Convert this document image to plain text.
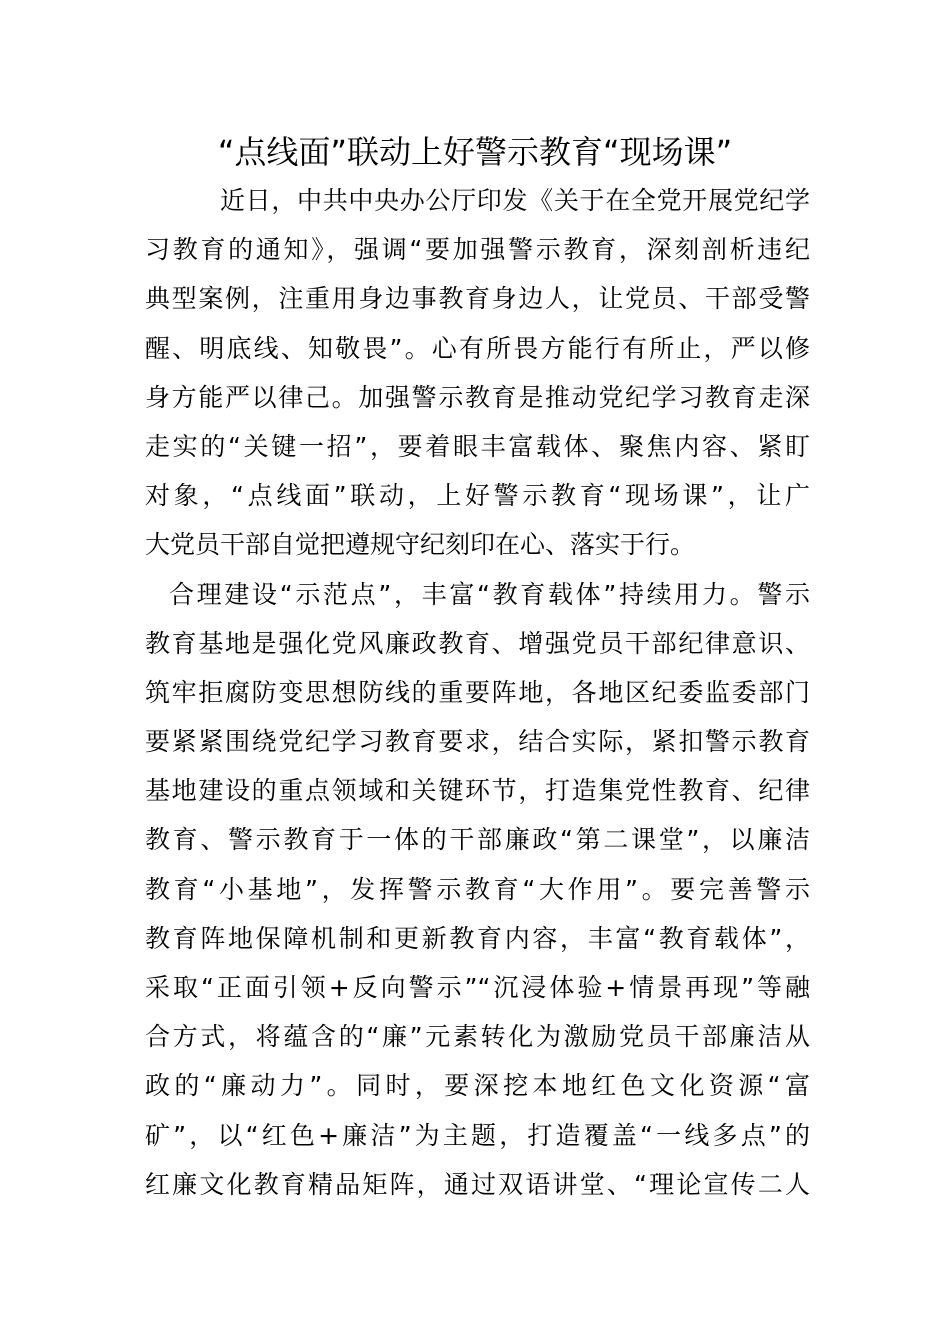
“点线面”联动上好警示教育“现场课”
近日，中共中央办公厅印发《关于在全党开展党纪学
习教育的通知》，强调“要加强警示教育，深刻剖析违纪
典型案例，注重用身边事教育身边人，让党员、干部受警
醒、明底线、知敬畏”。心有所畏方能行有所止，严以修
身方能严以律己。加强警示教育是推动党纪学习教育走深
走实的“关键一招”，要着眼丰富载体、聚焦内容、紧盯
对象，“点线面”联动，上好警示教育“现场课”，让广
大党员干部自觉把遵规守纪刻印在心、落实于行。
合理建设“示范点”，丰富“教育载体”持续用力。警示
教育基地是强化党风廉政教育、增强党员干部纪律意识、
筑牢拒腐防变思想防线的重要阵地，各地区纪委监委部门
要紧紧围绕党纪学习教育要求，结合实际，紧扣警示教育
基地建设的重点领域和关键环节，打造集党性教育、纪律
教育、警示教育于一体的干部廉政“第二课堂”，以廉洁
教育“小基地”，发挥警示教育“大作用”。要完善警示
教育阵地保障机制和更新教育内容，丰富“教育载体”，
采取“正面引领+反向警示”“沉浸体验+情景再现”等融
合方式，将蕴含的“廉”元素转化为激励党员干部廉洁从
政的“廉动力”。同时，要深挖本地红色文化资源“富
矿”，以“红色+廉洁”为主题，打造覆盖“一线多点”的
红廉文化教育精品矩阵，通过双语讲堂、“理论宣传二人
